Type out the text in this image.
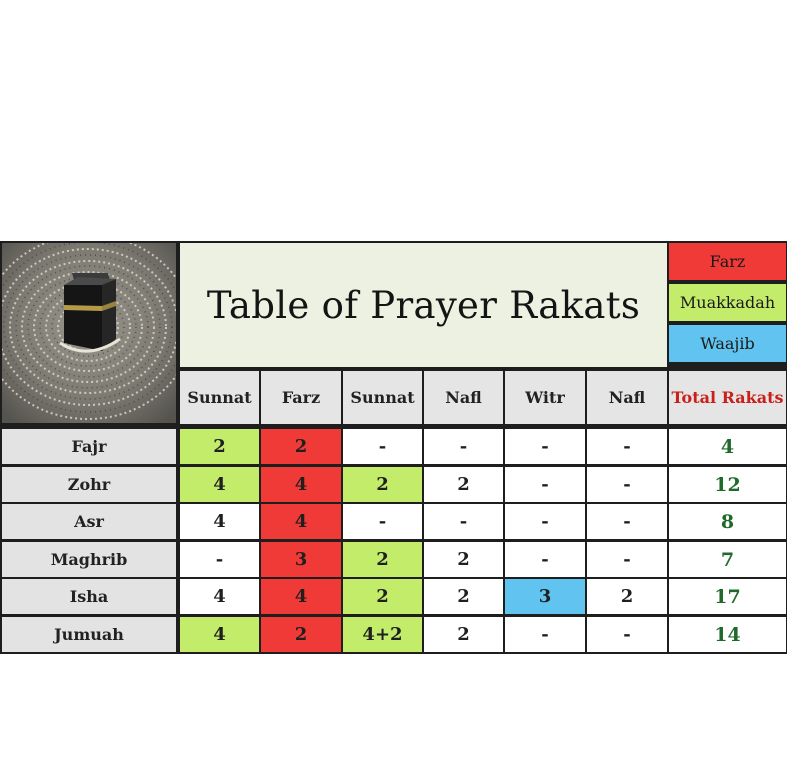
Table of Prayer Rakats
Farz
Muakkadah
Waajib
Sunnat	Farz	Sunnat	Nafl	Witr	Nafl	Total Rakats
Fajr	2	2	-	-	-	-	4
Zohr	4	4	2	2	-	-	12
Asr	4	4	-	-	-	-	8
Maghrib	-	3	2	2	-	-	7
Isha	4	4	2	2	3	2	17
Jumuah	4	2	4+2	2	-	-	14
